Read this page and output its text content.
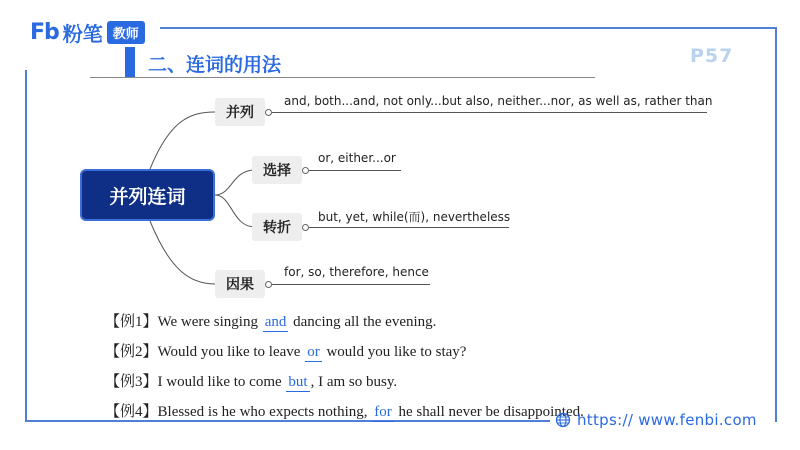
Fb 粉笔 教师
二、连词的用法	P57
并列连词
并列
and, both...and, not only...but also, neither...nor, as well as, rather than
选择
or, either...or
转折
but, yet, while(而), nevertheless
因果
for, so, therefore, hence
【例1】We were singing and dancing all the evening.
【例2】Would you like to leave or would you like to stay?
【例3】I would like to come but , I am so busy.
【例4】Blessed is he who expects nothing, for he shall never be disappointed.
https:// www.fenbi.com
